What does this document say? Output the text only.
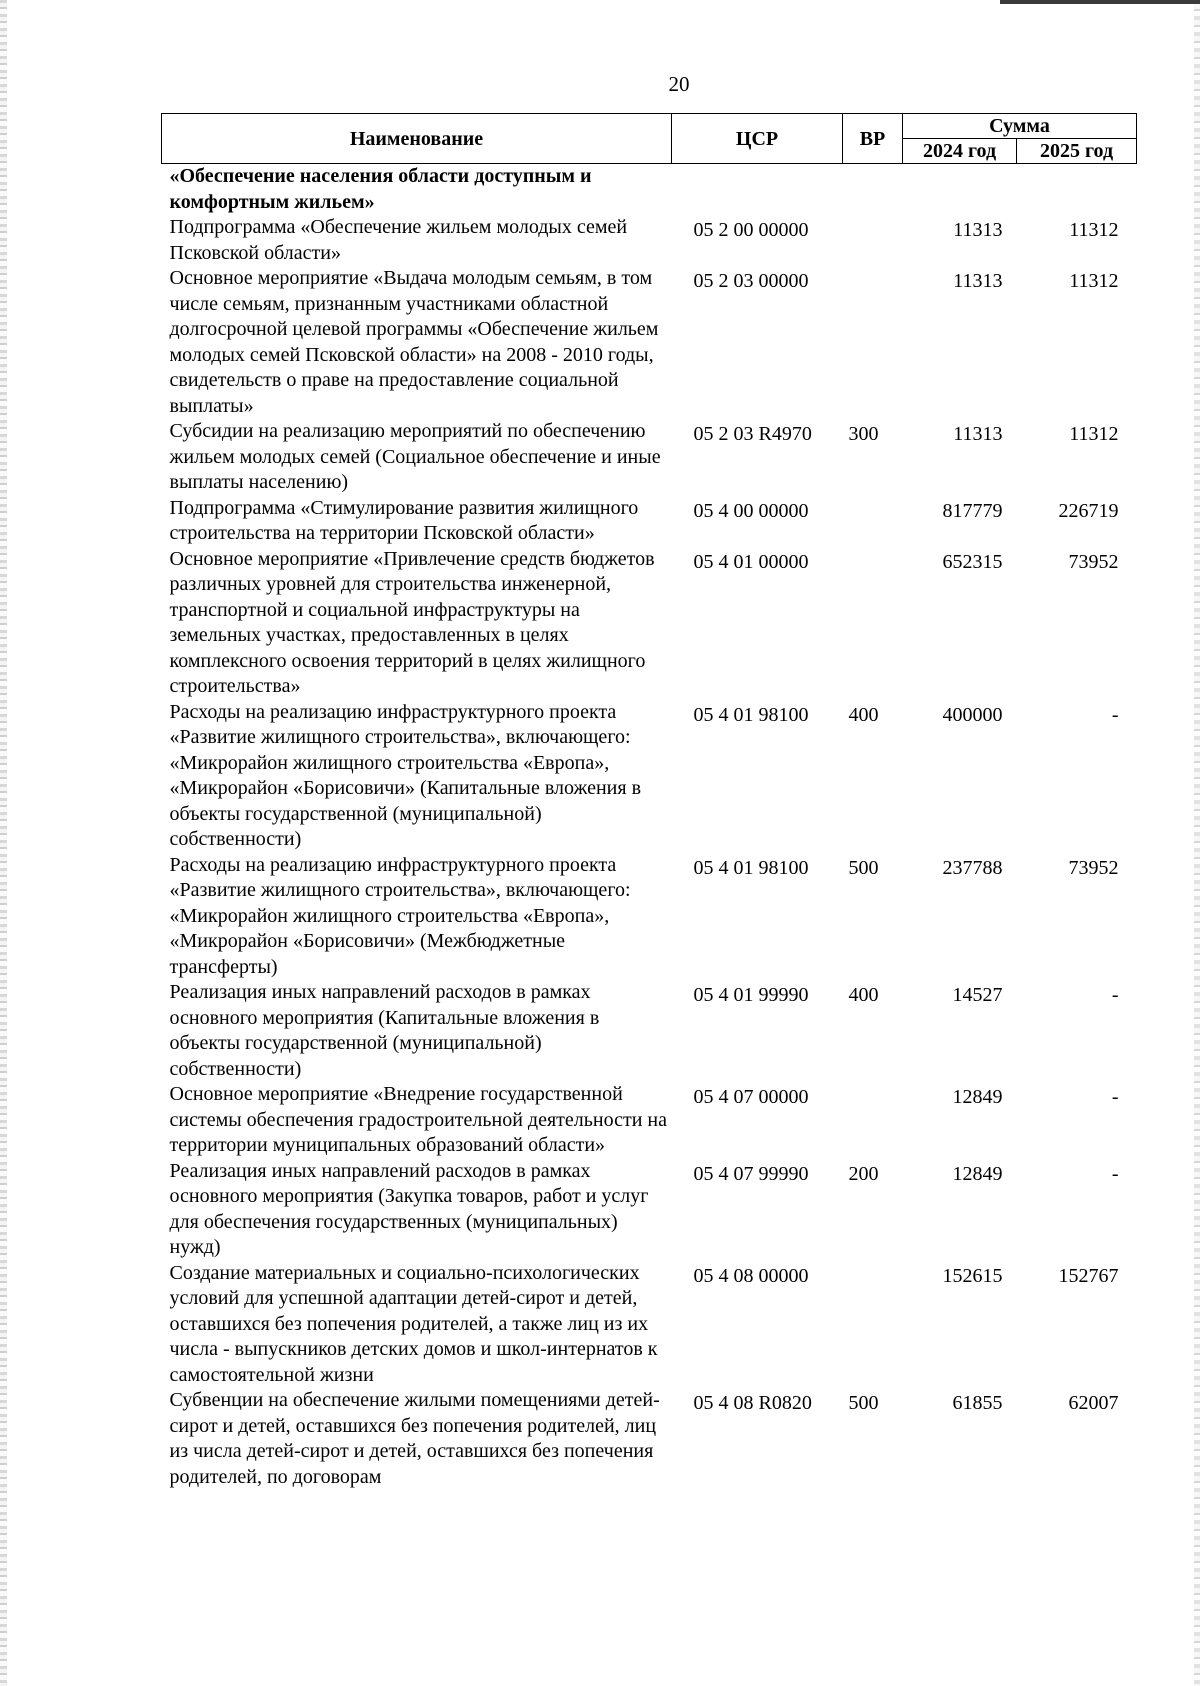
20
Наименование	ЦСР	ВР	Сумма	
			2024 год	2025 год
«Обеспечение населения области доступным и комфортным жильем»				
Подпрограмма «Обеспечение жильем молодых семей Псковской области»	05 2 00 00000		11313	11312
Основное мероприятие «Выдача молодым семьям, в том числе семьям, признанным участниками областной долгосрочной целевой программы «Обеспечение жильем молодых семей Псковской области» на 2008 - 2010 годы, свидетельств о праве на предоставление социальной выплаты»	05 2 03 00000		11313	11312
Субсидии на реализацию мероприятий по обеспечению жильем молодых семей (Социальное обеспечение и иные выплаты населению)	05 2 03 R4970	300	11313	11312
Подпрограмма «Стимулирование развития жилищного строительства на территории Псковской области»	05 4 00 00000		817779	226719
Основное мероприятие «Привлечение средств бюджетов различных уровней для строительства инженерной, транспортной и социальной инфраструктуры на земельных участках, предоставленных в целях комплексного освоения территорий в целях жилищного строительства»	05 4 01 00000		652315	73952
Расходы на реализацию инфраструктурного проекта «Развитие жилищного строительства», включающего: «Микрорайон жилищного строительства «Европа», «Микрорайон «Борисовичи» (Капитальные вложения в объекты государственной (муниципальной) собственности)	05 4 01 98100	400	400000	-
Расходы на реализацию инфраструктурного проекта «Развитие жилищного строительства», включающего: «Микрорайон жилищного строительства «Европа», «Микрорайон «Борисовичи» (Межбюджетные трансферты)	05 4 01 98100	500	237788	73952
Реализация иных направлений расходов в рамках основного мероприятия (Капитальные вложения в объекты государственной (муниципальной) собственности)	05 4 01 99990	400	14527	-
Основное мероприятие «Внедрение государственной системы обеспечения градостроительной деятельности на территории муниципальных образований области»	05 4 07 00000		12849	-
Реализация иных направлений расходов в рамках основного мероприятия (Закупка товаров, работ и услуг для обеспечения государственных (муниципальных) нужд)	05 4 07 99990	200	12849	-
Создание материальных и социально-психологических условий для успешной адаптации детей-сирот и детей, оставшихся без попечения родителей, а также лиц из их числа - выпускников детских домов и школ-интернатов к самостоятельной жизни	05 4 08 00000		152615	152767
Субвенции на обеспечение жилыми помещениями детей-сирот и детей, оставшихся без попечения родителей, лиц из числа детей-сирот и детей, оставшихся без попечения родителей, по договорам	05 4 08 R0820	500	61855	62007
